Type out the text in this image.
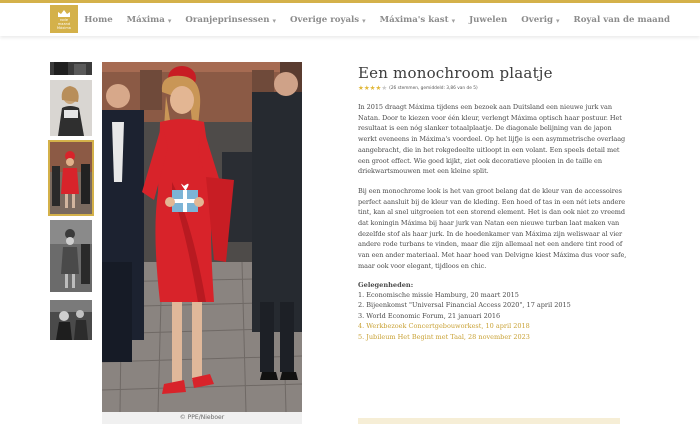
rode
maand
Máxima
Home Máxima ▾ Oranjeprinsessen ▾ Overige royals ▾ Máxima's kast ▾ Juwelen Overig ▾ Royal van de maand
© PPE/Nieboer
Een monochroom plaatje
★ ★ ★ ★ ★ (26 stemmen, gemiddeld: 3,86 van de 5)

In 2015 draagt Máxima tijdens een bezoek aan Duitsland een nieuwe jurk van Natan. Door te kiezen voor één kleur, verlengt Máxima optisch haar postuur. Het resultaat is een nóg slanker totaalplaatje. De diagonale belijning van de japon werkt eveneens in Máxima's voordeel. Op het lijfje is een asymmetrische overlaag aangebracht, die in het rokgedeelte uitloopt in een volant. Een speels detail met een groot effect. Wie goed kijkt, ziet ook decoratieve plooien in de taille en driekwartsmouwen met een kleine split.

Bij een monochrome look is het van groot belang dat de kleur van de accessoires perfect aansluit bij de kleur van de kleding. Een hoed of tas in een nét iets andere tint, kan al snel uitgroeien tot een storend element. Het is dan ook niet zo vreemd dat koningin Máxima bij haar jurk van Natan een nieuwe turban laat maken van dezelfde stof als haar jurk. In de hoedenkamer van Máxima zijn weliswaar al vier andere rode turbans te vinden, maar die zijn allemaal net een andere tint rood of van een ander materiaal. Met haar hoed van Delvigne kiest Máxima dus voor safe, maar ook voor elegant, tijdloos en chic.

Gelegenheden:
1. Economische missie Hamburg, 20 maart 2015
2. Bijeenkomst "Universal Financial Access 2020", 17 april 2015
3. World Economic Forum, 21 januari 2016
4. Werkbezoek Concertgebouworkest, 10 april 2018
5. Jubileum Het Begint met Taal, 28 november 2023
